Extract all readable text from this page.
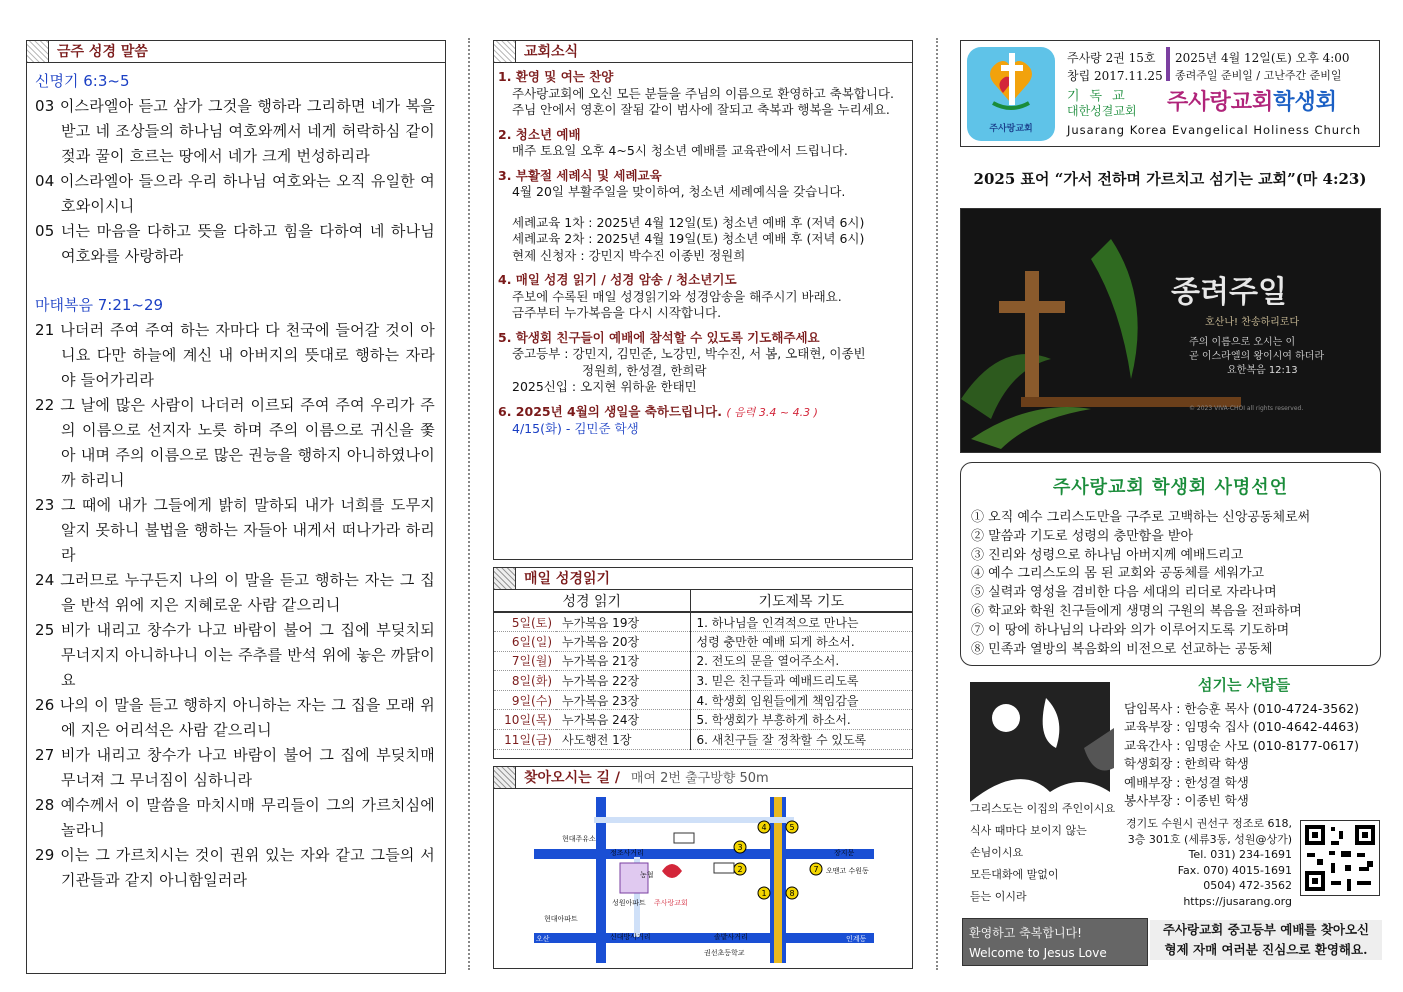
금주 성경 말씀
신명기 6:3~5
03 이스라엘아 듣고 삼가 그것을 행하라 그리하면 네가 복을 받고 네 조상들의 하나님 여호와께서 네게 허락하심 같이 젖과 꿀이 흐르는 땅에서 네가 크게 번성하리라
04 이스라엘아 들으라 우리 하나님 여호와는 오직 유일한 여호와이시니
05 너는 마음을 다하고 뜻을 다하고 힘을 다하여 네 하나님 여호와를 사랑하라
마태복음 7:21~29
21 나더러 주여 주여 하는 자마다 다 천국에 들어갈 것이 아니요 다만 하늘에 계신 내 아버지의 뜻대로 행하는 자라야 들어가리라
22 그 날에 많은 사람이 나더러 이르되 주여 주여 우리가 주의 이름으로 선지자 노릇 하며 주의 이름으로 귀신을 쫓아 내며 주의 이름으로 많은 권능을 행하지 아니하였나이까 하리니
23 그 때에 내가 그들에게 밝히 말하되 내가 너희를 도무지 알지 못하니 불법을 행하는 자들아 내게서 떠나가라 하리라
24 그러므로 누구든지 나의 이 말을 듣고 행하는 자는 그 집을 반석 위에 지은 지혜로운 사람 같으리니
25 비가 내리고 창수가 나고 바람이 불어 그 집에 부딪치되 무너지지 아니하나니 이는 주추를 반석 위에 놓은 까닭이요
26 나의 이 말을 듣고 행하지 아니하는 자는 그 집을 모래 위에 지은 어리석은 사람 같으리니
27 비가 내리고 창수가 나고 바람이 불어 그 집에 부딪치매 무너져 그 무너짐이 심하니라
28 예수께서 이 말씀을 마치시매 무리들이 그의 가르치심에 놀라니
29 이는 그 가르치시는 것이 권위 있는 자와 같고 그들의 서기관들과 같지 아니함일러라
교회소식
1. 환영 및 여는 찬양
주사랑교회에 오신 모든 분들을 주님의 이름으로 환영하고 축복합니다.
주님 안에서 영혼이 잘됨 같이 범사에 잘되고 축복과 행복을 누리세요.
2. 청소년 예배
매주 토요일 오후 4~5시 청소년 예배를 교육관에서 드립니다.
3. 부활절 세례식 및 세례교육
4월 20일 부활주일을 맞이하여, 청소년 세례예식을 갖습니다.
세례교육 1차 : 2025년 4월 12일(토) 청소년 예배 후 (저녁 6시)
세례교육 2차 : 2025년 4월 19일(토) 청소년 예배 후 (저녁 6시)
현제 신청자 : 강민지 박수진 이종빈 정원희
4. 매일 성경 읽기 / 성경 암송 / 청소년기도
주보에 수록된 매일 성경읽기와 성경암송을 해주시기 바래요.
금주부터 누가복음을 다시 시작합니다.
5. 학생회 친구들이 예배에 참석할 수 있도록 기도해주세요
중고등부 : 강민지, 김민준, 노강민, 박수진, 서 봄, 오태현, 이종빈
정원희, 한성결, 한희락
2025신입 : 오지현 위하윤 한태민
6. 2025년 4월의 생일을 축하드립니다. ( 음력 3.4 ~ 4.3 )
4/15(화) - 김민준 학생
매일 성경읽기
성경 읽기		기도제목 기도
5일(토)	누가복음 19장	1. 하나님을 인격적으로 만나는
6일(일)	누가복음 20장	성령 충만한 예배 되게 하소서.
7일(월)	누가복음 21장	2. 전도의 문을 열어주소서.
8일(화)	누가복음 22장	3. 믿은 친구들과 예배드리도록
9일(수)	누가복음 23장	4. 학생회 임원들에게 책임감을
10일(목)	누가복음 24장	5. 학생회가 부흥하게 하소서.
11일(금)	사도행전 1장	6. 새친구들 잘 정착할 수 있도록
찾아오시는 길 / 매여 2번 출구방향 50m
4	5
3
7
2
1	8
오산
오산	인계동
현대주유소
정조사거리
농협
성원아파트 주사랑교회
현대아파트
신대방사거리	솔밭사거리
권선초등학교
장지문
오맨고 수원동
주사랑교회
주사랑 2권 15호 2025년 4월 12일(토) 오후 4:00
창립 2017.11.25 종려주일 준비일 / 고난주간 준비일
기독교
대한성결교회 주사랑교회학생회
Jusarang Korea Evangelical Holiness Church
2025 표어 “가서 전하며 가르치고 섬기는 교회”(마 4:23)
종려주일
호산나! 찬송하리로다
주의 이름으로 오시는 이
곧 이스라엘의 왕이시여 하더라
요한복음 12:13
© 2023 VIVA-CHOI all rights reserved.
주사랑교회 학생회 사명선언
① 오직 예수 그리스도만을 구주로 고백하는 신앙공동체로써
② 말씀과 기도로 성령의 충만함을 받아
③ 진리와 성령으로 하나님 아버지께 예배드리고
④ 예수 그리스도의 몸 된 교회와 공동체를 세워가고
⑤ 실력과 영성을 겸비한 다음 세대의 리더로 자라나며
⑥ 학교와 학원 친구들에게 생명의 구원의 복음을 전파하며
⑦ 이 땅에 하나님의 나라와 의가 이루어지도록 기도하며
⑧ 민족과 열방의 복음화의 비전으로 선교하는 공동체
그리스도는 이집의 주인이시요
식사 때마다 보이지 않는
손님이시요
모든대화에 말없이
듣는 이시라
섬기는 사람들
담임목사 : 한승훈 목사 (010-4724-3562)
교육부장 : 임명숙 집사 (010-4642-4463)
교육간사 : 임명순 사모 (010-8177-0617)
학생회장 : 한희락 학생
예배부장 : 한성결 학생
봉사부장 : 이종빈 학생
경기도 수원시 권선구 정조로 618,
3층 301호 (세류3동, 성원@상가)
Tel. 031) 234-1691
Fax. 070) 4015-1691
0504) 472-3562
https://jusarang.org
환영하고 축복합니다!
Welcome to Jesus Love Church
주사랑교회 중고등부 예배를 찾아오신
형제 자매 여러분 진심으로 환영해요.
